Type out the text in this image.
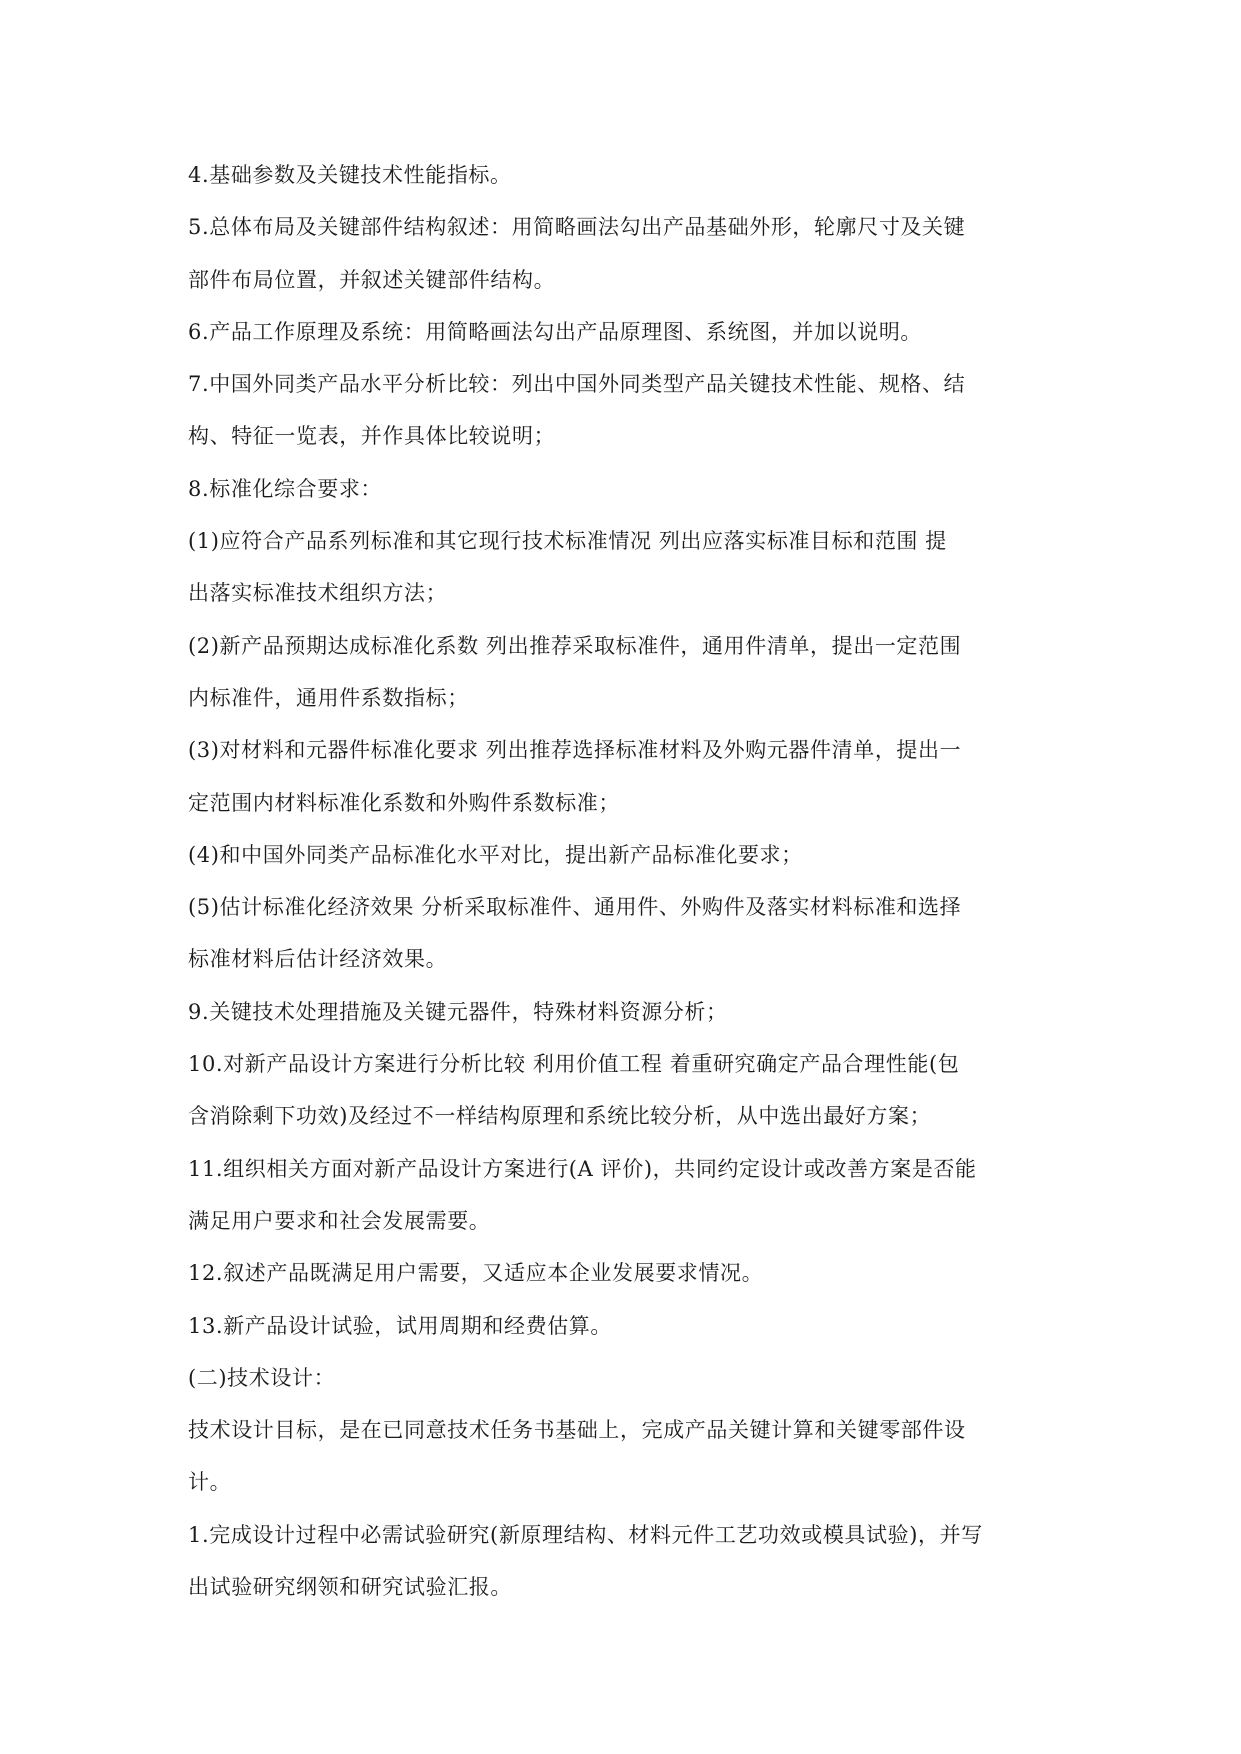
4.基础参数及关键技术性能指标。
5.总体布局及关键部件结构叙述：用简略画法勾出产品基础外形，轮廓尺寸及关键
部件布局位置，并叙述关键部件结构。
6.产品工作原理及系统：用简略画法勾出产品原理图、系统图，并加以说明。
7.中国外同类产品水平分析比较：列出中国外同类型产品关键技术性能、规格、结
构、特征一览表，并作具体比较说明；
8.标准化综合要求：
(1)应符合产品系列标准和其它现行技术标准情况 列出应落实标准目标和范围 提
出落实标准技术组织方法；
(2)新产品预期达成标准化系数 列出推荐采取标准件，通用件清单，提出一定范围
内标准件，通用件系数指标；
(3)对材料和元器件标准化要求 列出推荐选择标准材料及外购元器件清单，提出一
定范围内材料标准化系数和外购件系数标准；
(4)和中国外同类产品标准化水平对比，提出新产品标准化要求；
(5)估计标准化经济效果 分析采取标准件、通用件、外购件及落实材料标准和选择
标准材料后估计经济效果。
9.关键技术处理措施及关键元器件，特殊材料资源分析；
10.对新产品设计方案进行分析比较 利用价值工程 着重研究确定产品合理性能(包
含消除剩下功效)及经过不一样结构原理和系统比较分析，从中选出最好方案；
11.组织相关方面对新产品设计方案进行(A 评价)，共同约定设计或改善方案是否能
满足用户要求和社会发展需要。
12.叙述产品既满足用户需要，又适应本企业发展要求情况。
13.新产品设计试验，试用周期和经费估算。
(二)技术设计：
技术设计目标，是在已同意技术任务书基础上，完成产品关键计算和关键零部件设
计。
1.完成设计过程中必需试验研究(新原理结构、材料元件工艺功效或模具试验)，并写
出试验研究纲领和研究试验汇报。
